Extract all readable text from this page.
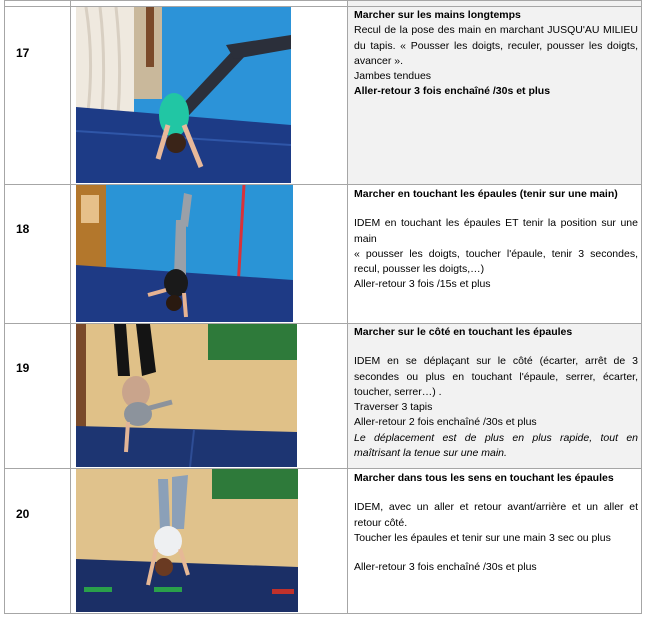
17
18
19
20

Marcher sur les mains longtemps

Recul de la pose des main en marchant JUSQU'AU MILIEU du tapis. « Pousser les doigts, reculer, pousser les doigts, avancer ».

Jambes tendues

Aller-retour 3 fois enchaîné /30s et plus

Marcher en touchant les épaules (tenir sur une main)

IDEM en touchant les épaules ET tenir la position sur une main

« pousser les doigts, toucher l'épaule, tenir 3 secondes, recul, pousser les doigts,…)

Aller-retour 3 fois /15s et plus

Marcher sur le côté en touchant les épaules

IDEM en se déplaçant sur le côté (écarter, arrêt de 3 secondes ou plus en touchant l'épaule, serrer, écarter, toucher, serrer…) .

Traverser 3 tapis

Aller-retour 2 fois enchaîné /30s et plus

Le déplacement est de plus en plus rapide, tout en maîtrisant la tenue sur une main.

Marcher dans tous les sens en touchant les épaules

IDEM, avec un aller et retour avant/arrière et un aller et retour côté.

Toucher les épaules et tenir sur une main 3 sec ou plus

Aller-retour 3 fois enchaîné /30s et plus
